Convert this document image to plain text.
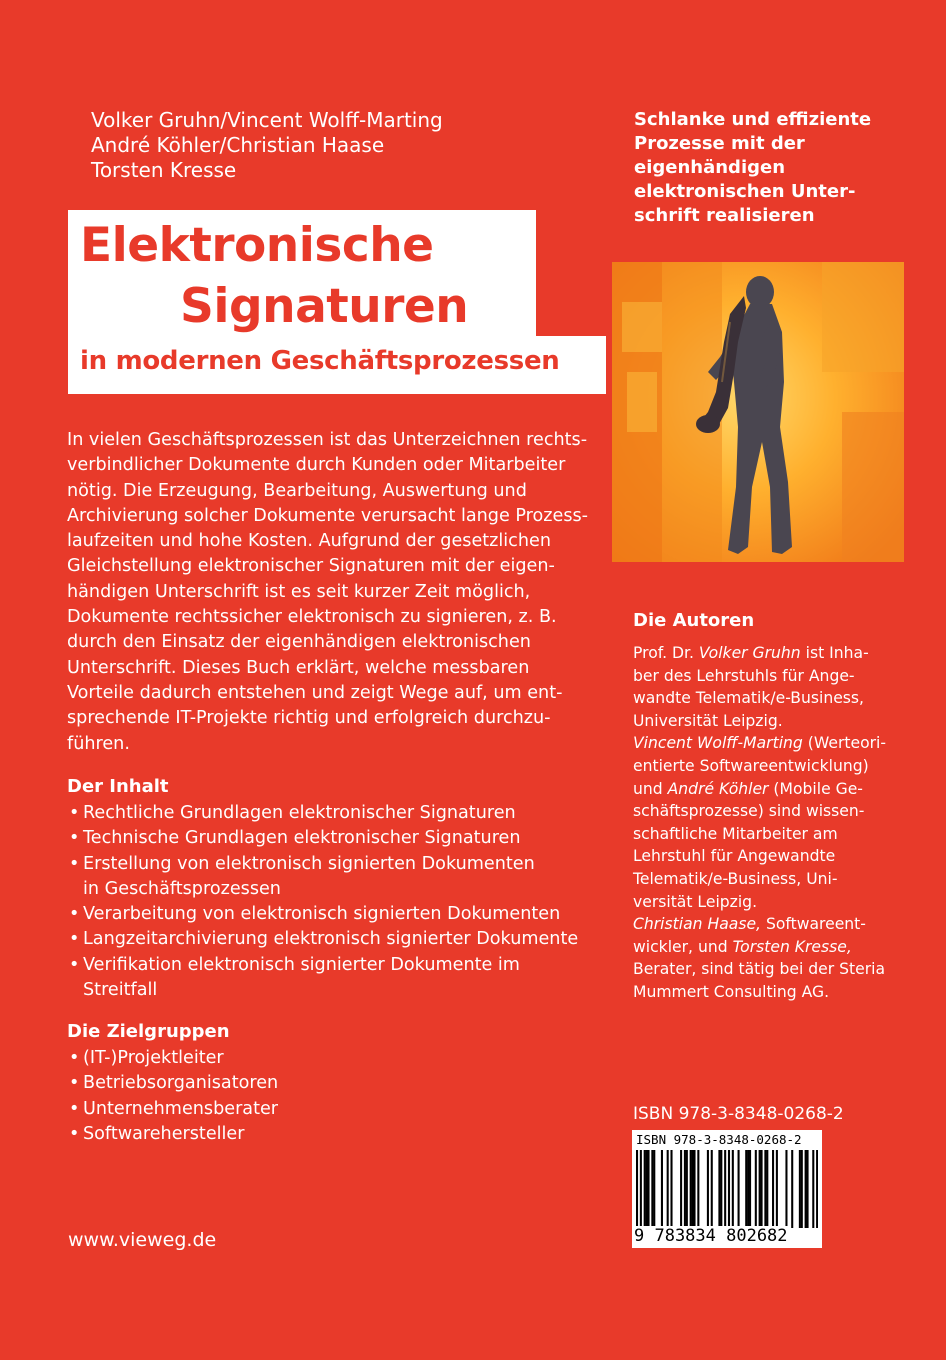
Volker Gruhn/Vincent Wolff-Marting
André Köhler/Christian Haase
Torsten Kresse
Elektronische
Signaturen
in modernen Geschäftsprozessen
Schlanke und effiziente
Prozesse mit der
eigenhändigen
elektronischen Unter-
schrift realisieren
In vielen Geschäftsprozessen ist das Unterzeichnen rechts-
verbindlicher Dokumente durch Kunden oder Mitarbeiter
nötig. Die Erzeugung, Bearbeitung, Auswertung und
Archivierung solcher Dokumente verursacht lange Prozess-
laufzeiten und hohe Kosten. Aufgrund der gesetzlichen
Gleichstellung elektronischer Signaturen mit der eigen-
händigen Unterschrift ist es seit kurzer Zeit möglich,
Dokumente rechtssicher elektronisch zu signieren, z. B.
durch den Einsatz der eigenhändigen elektronischen
Unterschrift. Dieses Buch erklärt, welche messbaren
Vorteile dadurch entstehen und zeigt Wege auf, um ent-
sprechende IT-Projekte richtig und erfolgreich durchzu-
führen.
Der Inhalt
• Rechtliche Grundlagen elektronischer Signaturen
• Technische Grundlagen elektronischer Signaturen
• Erstellung von elektronisch signierten Dokumenten
in Geschäftsprozessen
• Verarbeitung von elektronisch signierten Dokumenten
• Langzeitarchivierung elektronisch signierter Dokumente
• Verifikation elektronisch signierter Dokumente im
Streitfall
Die Zielgruppen
• (IT-)Projektleiter
• Betriebsorganisatoren
• Unternehmensberater
• Softwarehersteller
Die Autoren
Prof. Dr. Volker Gruhn ist Inha-
ber des Lehrstuhls für Ange-
wandte Telematik/e-Business,
Universität Leipzig.
Vincent Wolff-Marting (Werteori-
entierte Softwareentwicklung)
und André Köhler (Mobile Ge-
schäftsprozesse) sind wissen-
schaftliche Mitarbeiter am
Lehrstuhl für Angewandte
Telematik/e-Business, Uni-
versität Leipzig.
Christian Haase, Softwareent-
wickler, und Torsten Kresse,
Berater, sind tätig bei der Steria
Mummert Consulting AG.
www.vieweg.de
ISBN 978-3-8348-0268-2
ISBN 978-3-8348-0268-2
9 783834 802682
